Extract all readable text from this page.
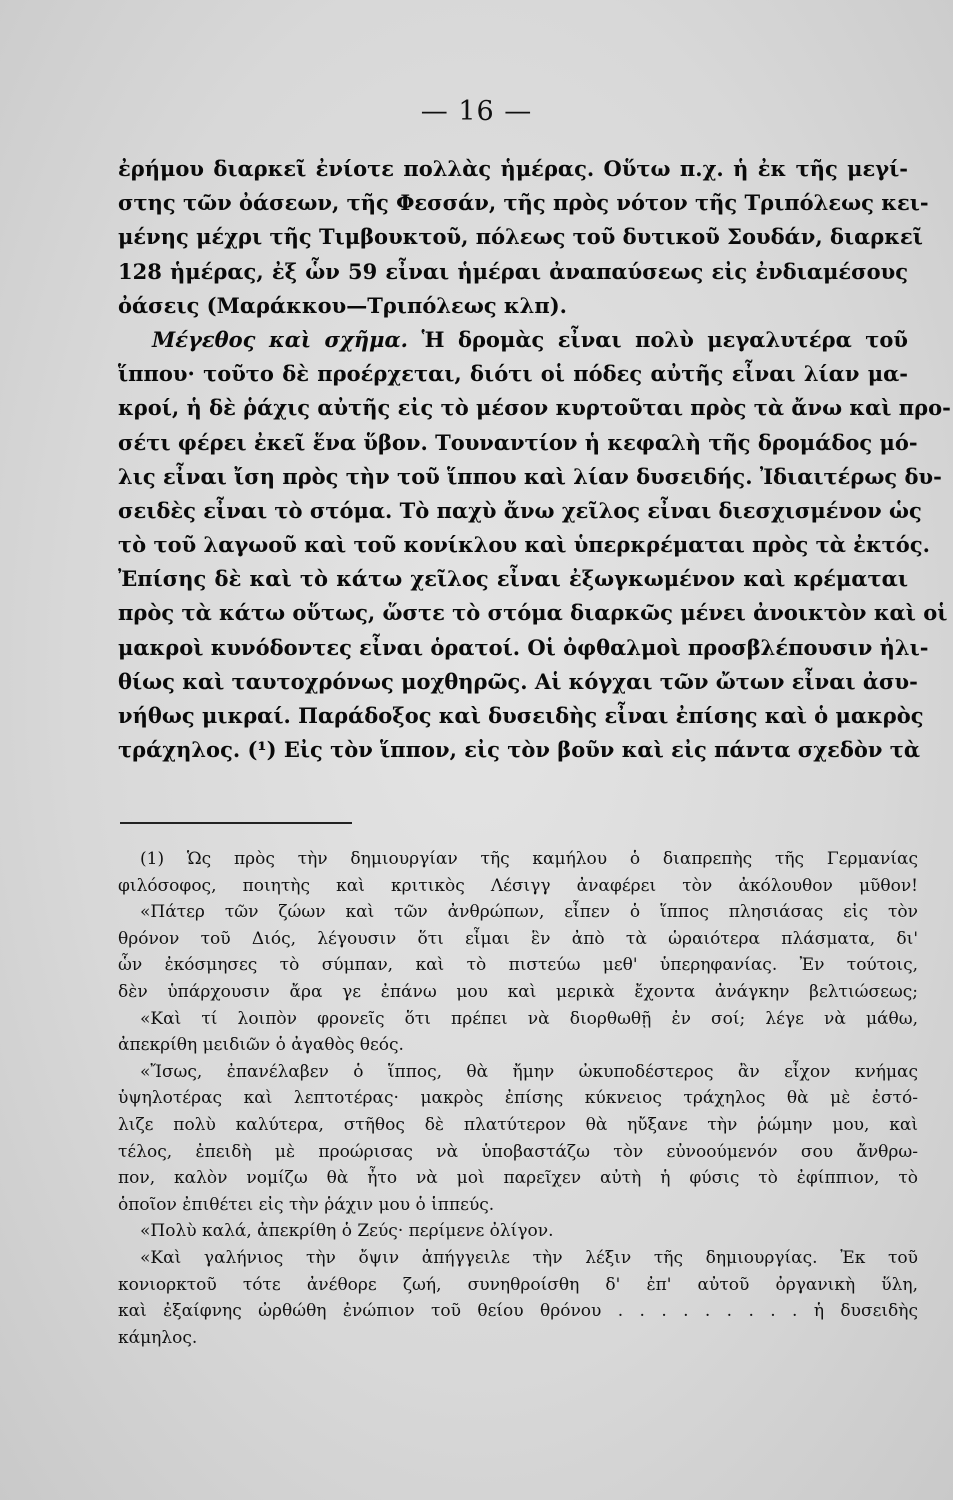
— 16 —
ἐρήμου διαρκεῖ ἐνίοτε πολλὰς ἡμέρας. Οὕτω π.χ. ἡ ἐκ τῆς μεγί-
στης τῶν ὀάσεων, τῆς Φεσσάν, τῆς πρὸς νότον τῆς Τριπόλεως κει-
μένης μέχρι τῆς Τιμβουκτοῦ, πόλεως τοῦ δυτικοῦ Σουδάν, διαρκεῖ
128 ἡμέρας, ἐξ ὧν 59 εἶναι ἡμέραι ἀναπαύσεως εἰς ἐνδιαμέσους
ὀάσεις (Μαράκκου—Τριπόλεως κλπ).
Μέγεθος καὶ σχῆμα. Ἡ δρομὰς εἶναι πολὺ μεγαλυτέρα τοῦ
ἵππου· τοῦτο δὲ προέρχεται, διότι οἱ πόδες αὐτῆς εἶναι λίαν μα-
κροί, ἡ δὲ ῥάχις αὐτῆς εἰς τὸ μέσον κυρτοῦται πρὸς τὰ ἄνω καὶ προ-
σέτι φέρει ἐκεῖ ἕνα ὕβον. Τουναντίον ἡ κεφαλὴ τῆς δρομάδος μό-
λις εἶναι ἴση πρὸς τὴν τοῦ ἵππου καὶ λίαν δυσειδής. Ἰδιαιτέρως δυ-
σειδὲς εἶναι τὸ στόμα. Τὸ παχὺ ἄνω χεῖλος εἶναι διεσχισμένον ὡς
τὸ τοῦ λαγωοῦ καὶ τοῦ κονίκλου καὶ ὑπερκρέμαται πρὸς τὰ ἐκτός.
Ἐπίσης δὲ καὶ τὸ κάτω χεῖλος εἶναι ἐξωγκωμένον καὶ κρέμαται
πρὸς τὰ κάτω οὕτως, ὥστε τὸ στόμα διαρκῶς μένει ἀνοικτὸν καὶ οἱ
μακροὶ κυνόδοντες εἶναι ὁρατοί. Οἱ ὀφθαλμοὶ προσβλέπουσιν ἠλι-
θίως καὶ ταυτοχρόνως μοχθηρῶς. Αἱ κόγχαι τῶν ὤτων εἶναι ἀσυ-
νήθως μικραί. Παράδοξος καὶ δυσειδὴς εἶναι ἐπίσης καὶ ὁ μακρὸς
τράχηλος. (¹) Εἰς τὸν ἵππον, εἰς τὸν βοῦν καὶ εἰς πάντα σχεδὸν τὰ
(1) Ὡς πρὸς τὴν δημιουργίαν τῆς καμήλου ὁ διαπρεπὴς τῆς Γερμανίας
φιλόσοφος, ποιητὴς καὶ κριτικὸς Λέσιγγ ἀναφέρει τὸν ἀκόλουθον μῦθον!
«Πάτερ τῶν ζώων καὶ τῶν ἀνθρώπων, εἶπεν ὁ ἵππος πλησιάσας εἰς τὸν
θρόνον τοῦ Διός, λέγουσιν ὅτι εἶμαι ἓν ἀπὸ τὰ ὡραιότερα πλάσματα, δι'
ὧν ἐκόσμησες τὸ σύμπαν, καὶ τὸ πιστεύω μεθ' ὑπερηφανίας. Ἐν τούτοις,
δὲν ὑπάρχουσιν ἄρα γε ἐπάνω μου καὶ μερικὰ ἔχοντα ἀνάγκην βελτιώσεως;
«Καὶ τί λοιπὸν φρονεῖς ὅτι πρέπει νὰ διορθωθῇ ἐν σοί; λέγε νὰ μάθω,
ἀπεκρίθη μειδιῶν ὁ ἀγαθὸς θεός.
«Ἴσως, ἐπανέλαβεν ὁ ἵππος, θὰ ἤμην ὠκυποδέστερος ἂν εἶχον κνήμας
ὑψηλοτέρας καὶ λεπτοτέρας· μακρὸς ἐπίσης κύκνειος τράχηλος θὰ μὲ ἐστό-
λιζε πολὺ καλύτερα, στῆθος δὲ πλατύτερον θὰ ηὔξανε τὴν ῥώμην μου, καὶ
τέλος, ἐπειδὴ μὲ προώρισας νὰ ὑποβαστάζω τὸν εὐνοούμενόν σου ἄνθρω-
πον, καλὸν νομίζω θὰ ἦτο νὰ μοὶ παρεῖχεν αὐτὴ ἡ φύσις τὸ ἐφίππιον, τὸ
ὁποῖον ἐπιθέτει εἰς τὴν ῥάχιν μου ὁ ἱππεύς.
«Πολὺ καλά, ἀπεκρίθη ὁ Ζεύς· περίμενε ὀλίγον.
«Καὶ γαλήνιος τὴν ὄψιν ἀπήγγειλε τὴν λέξιν τῆς δημιουργίας. Ἐκ τοῦ
κονιορκτοῦ τότε ἀνέθορε ζωή, συνηθροίσθη δ' ἐπ' αὐτοῦ ὀργανικὴ ὕλη,
καὶ ἐξαίφνης ὠρθώθη ἐνώπιον τοῦ θείου θρόνου . . . . . . . . . ἡ δυσειδὴς
κάμηλος.
